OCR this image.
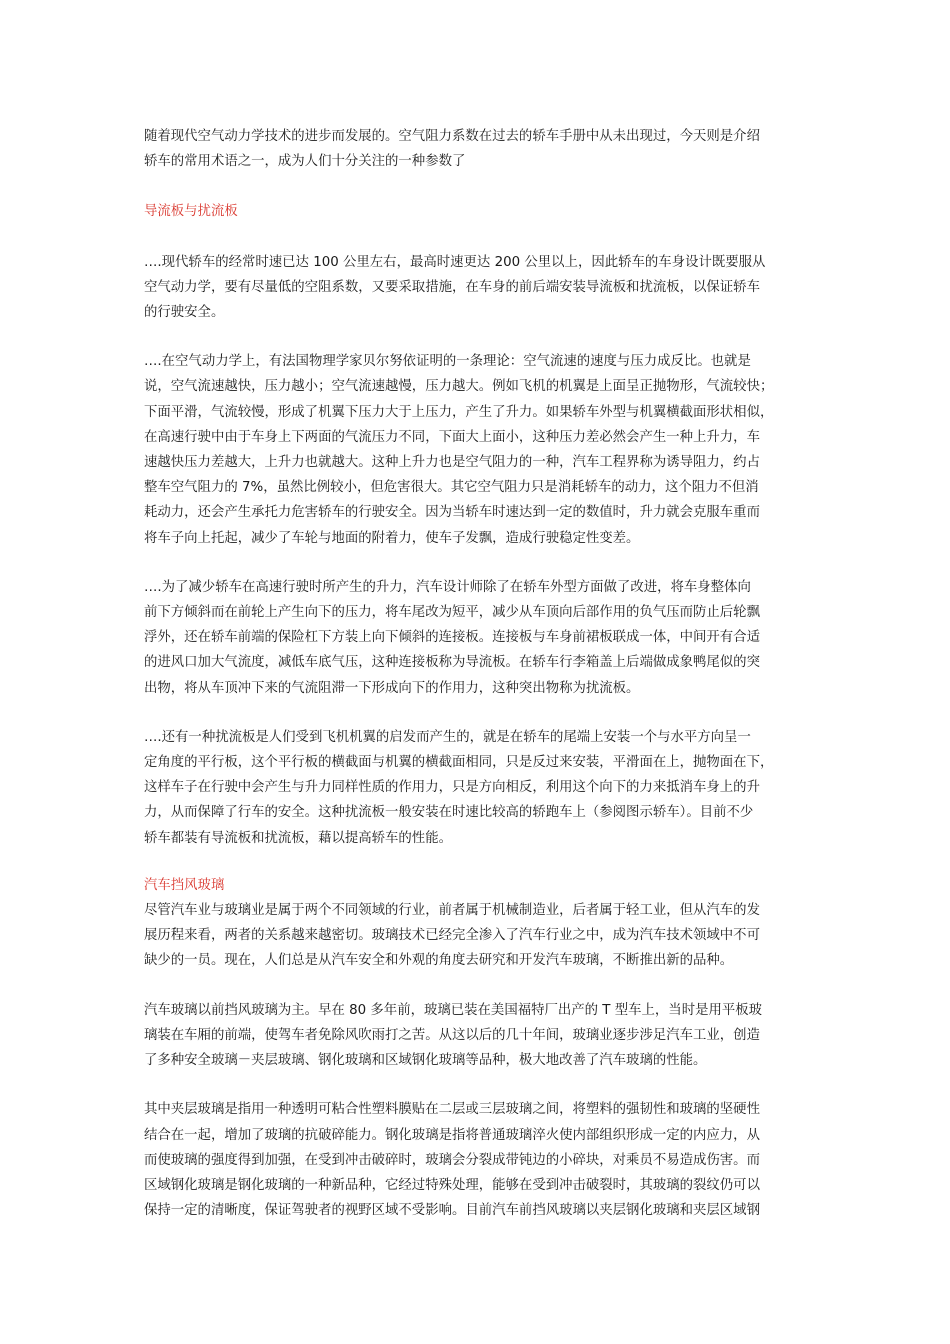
随着现代空气动力学技术的进步而发展的。空气阻力系数在过去的轿车手册中从未出现过，今天则是介绍
轿车的常用术语之一，成为人们十分关注的一种参数了

导流板与扰流板

….现代轿车的经常时速已达 100 公里左右，最高时速更达 200 公里以上，因此轿车的车身设计既要服从
空气动力学，要有尽量低的空阻系数，又要采取措施，在车身的前后端安装导流板和扰流板，以保证轿车
的行驶安全。

….在空气动力学上，有法国物理学家贝尔努依证明的一条理论：空气流速的速度与压力成反比。也就是
说，空气流速越快，压力越小；空气流速越慢，压力越大。例如飞机的机翼是上面呈正抛物形，气流较快；
下面平滑，气流较慢，形成了机翼下压力大于上压力，产生了升力。如果轿车外型与机翼横截面形状相似，
在高速行驶中由于车身上下两面的气流压力不同，下面大上面小，这种压力差必然会产生一种上升力，车
速越快压力差越大，上升力也就越大。这种上升力也是空气阻力的一种，汽车工程界称为诱导阻力，约占
整车空气阻力的 7%，虽然比例较小，但危害很大。其它空气阻力只是消耗轿车的动力，这个阻力不但消
耗动力，还会产生承托力危害轿车的行驶安全。因为当轿车时速达到一定的数值时，升力就会克服车重而
将车子向上托起，减少了车轮与地面的附着力，使车子发飘，造成行驶稳定性变差。

….为了减少轿车在高速行驶时所产生的升力，汽车设计师除了在轿车外型方面做了改进，将车身整体向
前下方倾斜而在前轮上产生向下的压力，将车尾改为短平，减少从车顶向后部作用的负气压而防止后轮飘
浮外，还在轿车前端的保险杠下方装上向下倾斜的连接板。连接板与车身前裙板联成一体，中间开有合适
的进风口加大气流度，减低车底气压，这种连接板称为导流板。在轿车行李箱盖上后端做成象鸭尾似的突
出物，将从车顶冲下来的气流阻滞一下形成向下的作用力，这种突出物称为扰流板。

….还有一种扰流板是人们受到飞机机翼的启发而产生的，就是在轿车的尾端上安装一个与水平方向呈一
定角度的平行板，这个平行板的横截面与机翼的横截面相同，只是反过来安装，平滑面在上，抛物面在下，
这样车子在行驶中会产生与升力同样性质的作用力，只是方向相反，利用这个向下的力来抵消车身上的升
力，从而保障了行车的安全。这种扰流板一般安装在时速比较高的轿跑车上（参阅图示轿车）。目前不少
轿车都装有导流板和扰流板，藉以提高轿车的性能。

汽车挡风玻璃

尽管汽车业与玻璃业是属于两个不同领域的行业，前者属于机械制造业，后者属于轻工业，但从汽车的发
展历程来看，两者的关系越来越密切。玻璃技术已经完全渗入了汽车行业之中，成为汽车技术领域中不可
缺少的一员。现在，人们总是从汽车安全和外观的角度去研究和开发汽车玻璃，不断推出新的品种。

汽车玻璃以前挡风玻璃为主。早在 80 多年前，玻璃已装在美国福特厂出产的 T 型车上，当时是用平板玻
璃装在车厢的前端，使驾车者免除风吹雨打之苦。从这以后的几十年间，玻璃业逐步涉足汽车工业，创造
了多种安全玻璃－夹层玻璃、钢化玻璃和区域钢化玻璃等品种，极大地改善了汽车玻璃的性能。

其中夹层玻璃是指用一种透明可粘合性塑料膜贴在二层或三层玻璃之间，将塑料的强韧性和玻璃的坚硬性
结合在一起，增加了玻璃的抗破碎能力。钢化玻璃是指将普通玻璃淬火使内部组织形成一定的内应力，从
而使玻璃的强度得到加强，在受到冲击破碎时，玻璃会分裂成带钝边的小碎块，对乘员不易造成伤害。而
区域钢化玻璃是钢化玻璃的一种新品种，它经过特殊处理，能够在受到冲击破裂时，其玻璃的裂纹仍可以
保持一定的清晰度，保证驾驶者的视野区域不受影响。目前汽车前挡风玻璃以夹层钢化玻璃和夹层区域钢
